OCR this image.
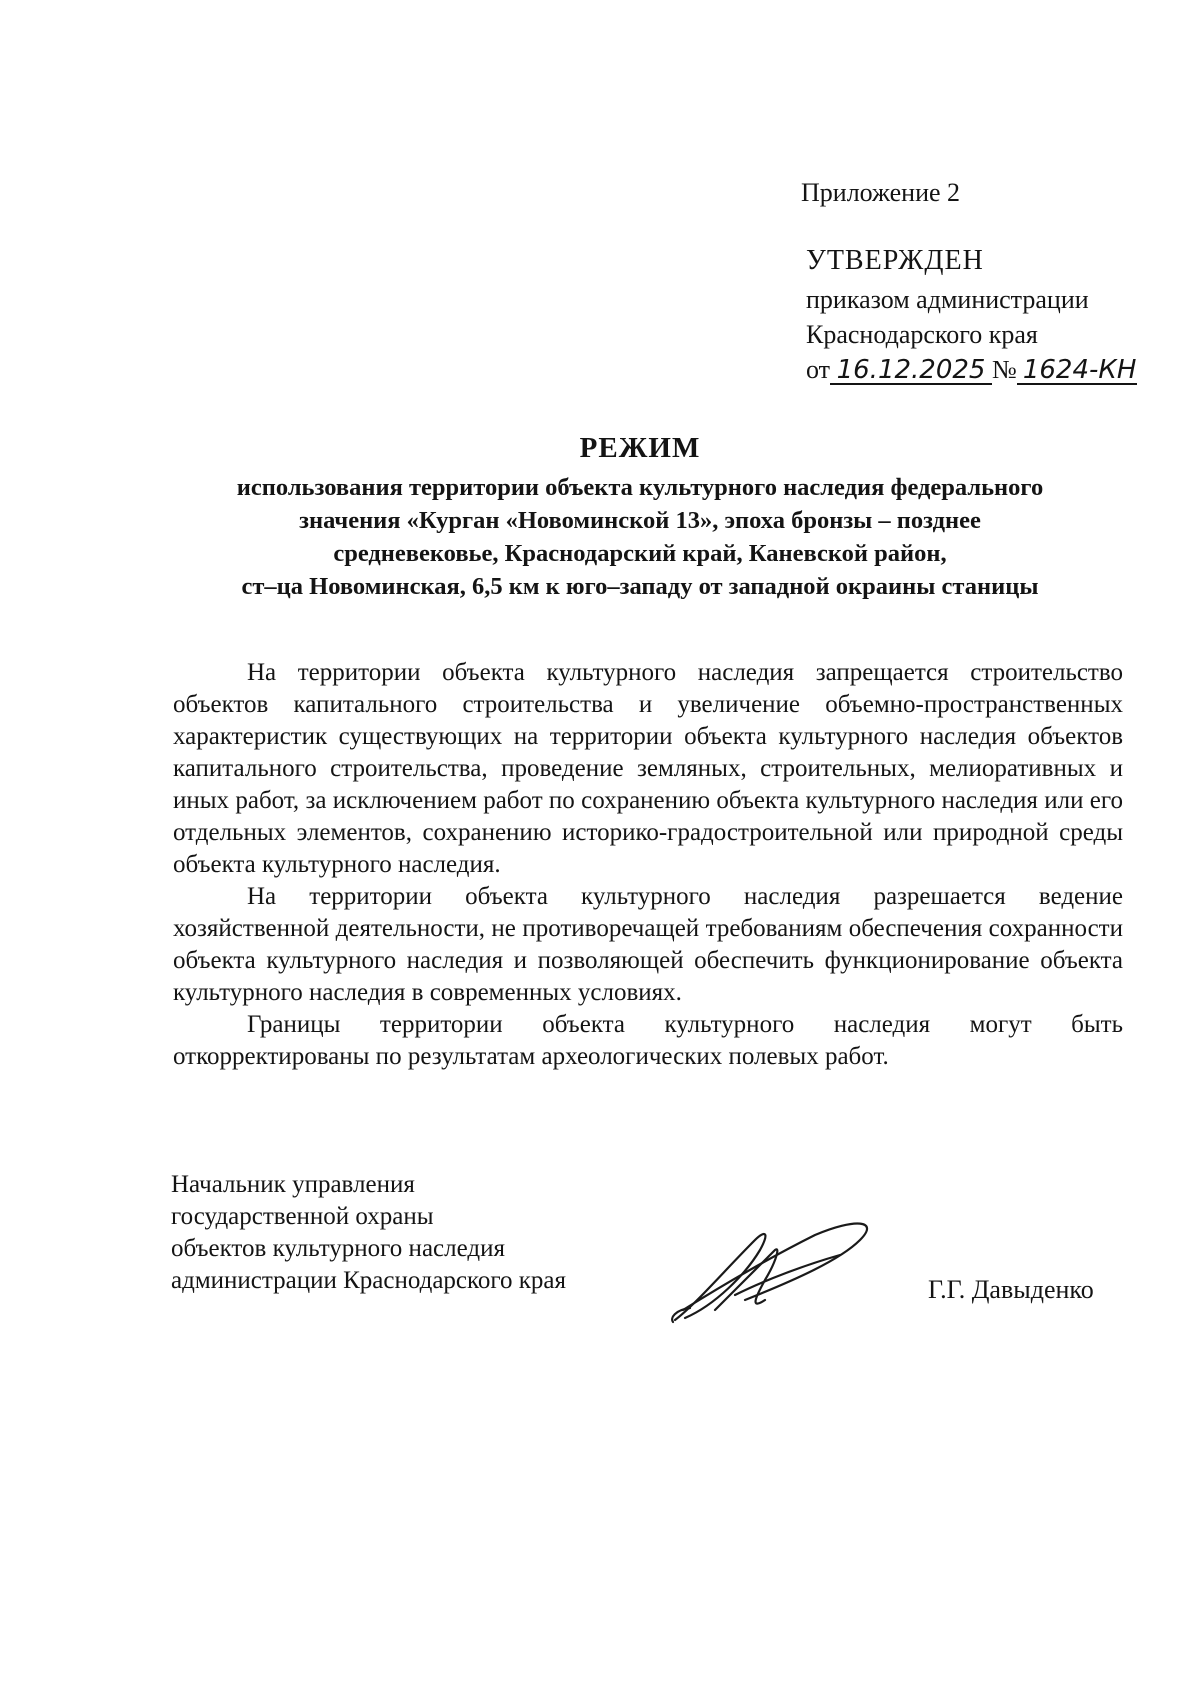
Приложение 2
УТВЕРЖДЕН
приказом администрации
Краснодарского края
от 16.12.2025 № 1624-КН
РЕЖИМ
использования территории объекта культурного наследия федерального
значения «Курган «Новоминской 13», эпоха бронзы – позднее
средневековье, Краснодарский край, Каневской район,
ст–ца Новоминская, 6,5 км к юго–западу от западной окраины станицы

На территории объекта культурного наследия запрещается строительство объектов капитального строительства и увеличение объемно-пространственных характеристик существующих на территории объекта культурного наследия объектов капитального строительства, проведение земляных, строительных, мелиоративных и иных работ, за исключением работ по сохранению объекта культурного наследия или его отдельных элементов, сохранению историко-градостроительной или природной среды объекта культурного наследия.

На территории объекта культурного наследия разрешается ведение хозяйственной деятельности, не противоречащей требованиям обеспечения сохранности объекта культурного наследия и позволяющей обеспечить функционирование объекта культурного наследия в современных условиях.

Границы территории объекта культурного наследия могут быть откорректированы по результатам археологических полевых работ.

Начальник управления
государственной охраны
объектов культурного наследия
администрации Краснодарского края	Г.Г. Давыденко
